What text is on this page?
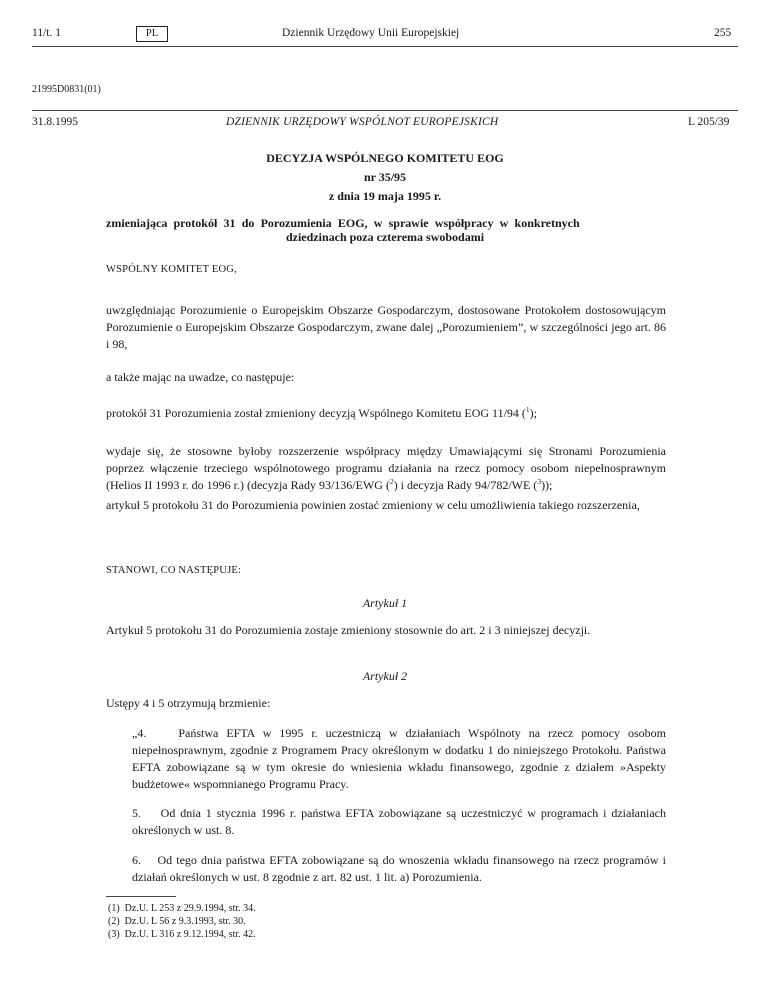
11/t. 1	PL	Dziennik Urzędowy Unii Europejskiej	255
21995D0831(01)
31.8.1995	DZIENNIK URZĘDOWY WSPÓLNOT EUROPEJSKICH	L 205/39
DECYZJA WSPÓLNEGO KOMITETU EOG
nr 35/95
z dnia 19 maja 1995 r.
zmieniająca protokół 31 do Porozumienia EOG, w sprawie współpracy w konkretnych
dziedzinach poza czterema swobodami
WSPÓLNY KOMITET EOG,
uwzględniając Porozumienie o Europejskim Obszarze Gospodarczym, dostosowane Protokołem dostosowującym Porozumienie o Europejskim Obszarze Gospodarczym, zwane dalej „Porozumieniem”, w szczególności jego art. 86 i 98,
a także mając na uwadze, co następuje:
protokół 31 Porozumienia został zmieniony decyzją Wspólnego Komitetu EOG 11/94 ($^1$);
wydaje się, że stosowne byłoby rozszerzenie współpracy między Umawiającymi się Stronami Porozumienia poprzez włączenie trzeciego wspólnotowego programu działania na rzecz pomocy osobom niepełnosprawnym (Helios II 1993 r. do 1996 r.) (decyzja Rady 93/136/EWG ($^2$) i decyzja Rady 94/782/WE ($^3$));
artykuł 5 protokołu 31 do Porozumienia powinien zostać zmieniony w celu umożliwienia takiego rozszerzenia,
STANOWI, CO NASTĘPUJE:
Artykuł 1
Artykuł 5 protokołu 31 do Porozumienia zostaje zmieniony stosownie do art. 2 i 3 niniejszej decyzji.
Artykuł 2
Ustępy 4 i 5 otrzymują brzmienie:
„4.    Państwa EFTA w 1995 r. uczestniczą w działaniach Wspólnoty na rzecz pomocy osobom niepełnosprawnym, zgodnie z Programem Pracy określonym w dodatku 1 do niniejszego Protokołu. Państwa EFTA zobowiązane są w tym okresie do wniesienia wkładu finansowego, zgodnie z działem »Aspekty budżetowe« wspomnianego Programu Pracy.
5.    Od dnia 1 stycznia 1996 r. państwa EFTA zobowiązane są uczestniczyć w programach i działaniach określonych w ust. 8.
6.    Od tego dnia państwa EFTA zobowiązane są do wnoszenia wkładu finansowego na rzecz programów i działań określonych w ust. 8 zgodnie z art. 82 ust. 1 lit. a) Porozumienia.
(1) Dz.U. L 253 z 29.9.1994, str. 34.
(2) Dz.U. L 56 z 9.3.1993, str. 30.
(3) Dz.U. L 316 z 9.12.1994, str. 42.
